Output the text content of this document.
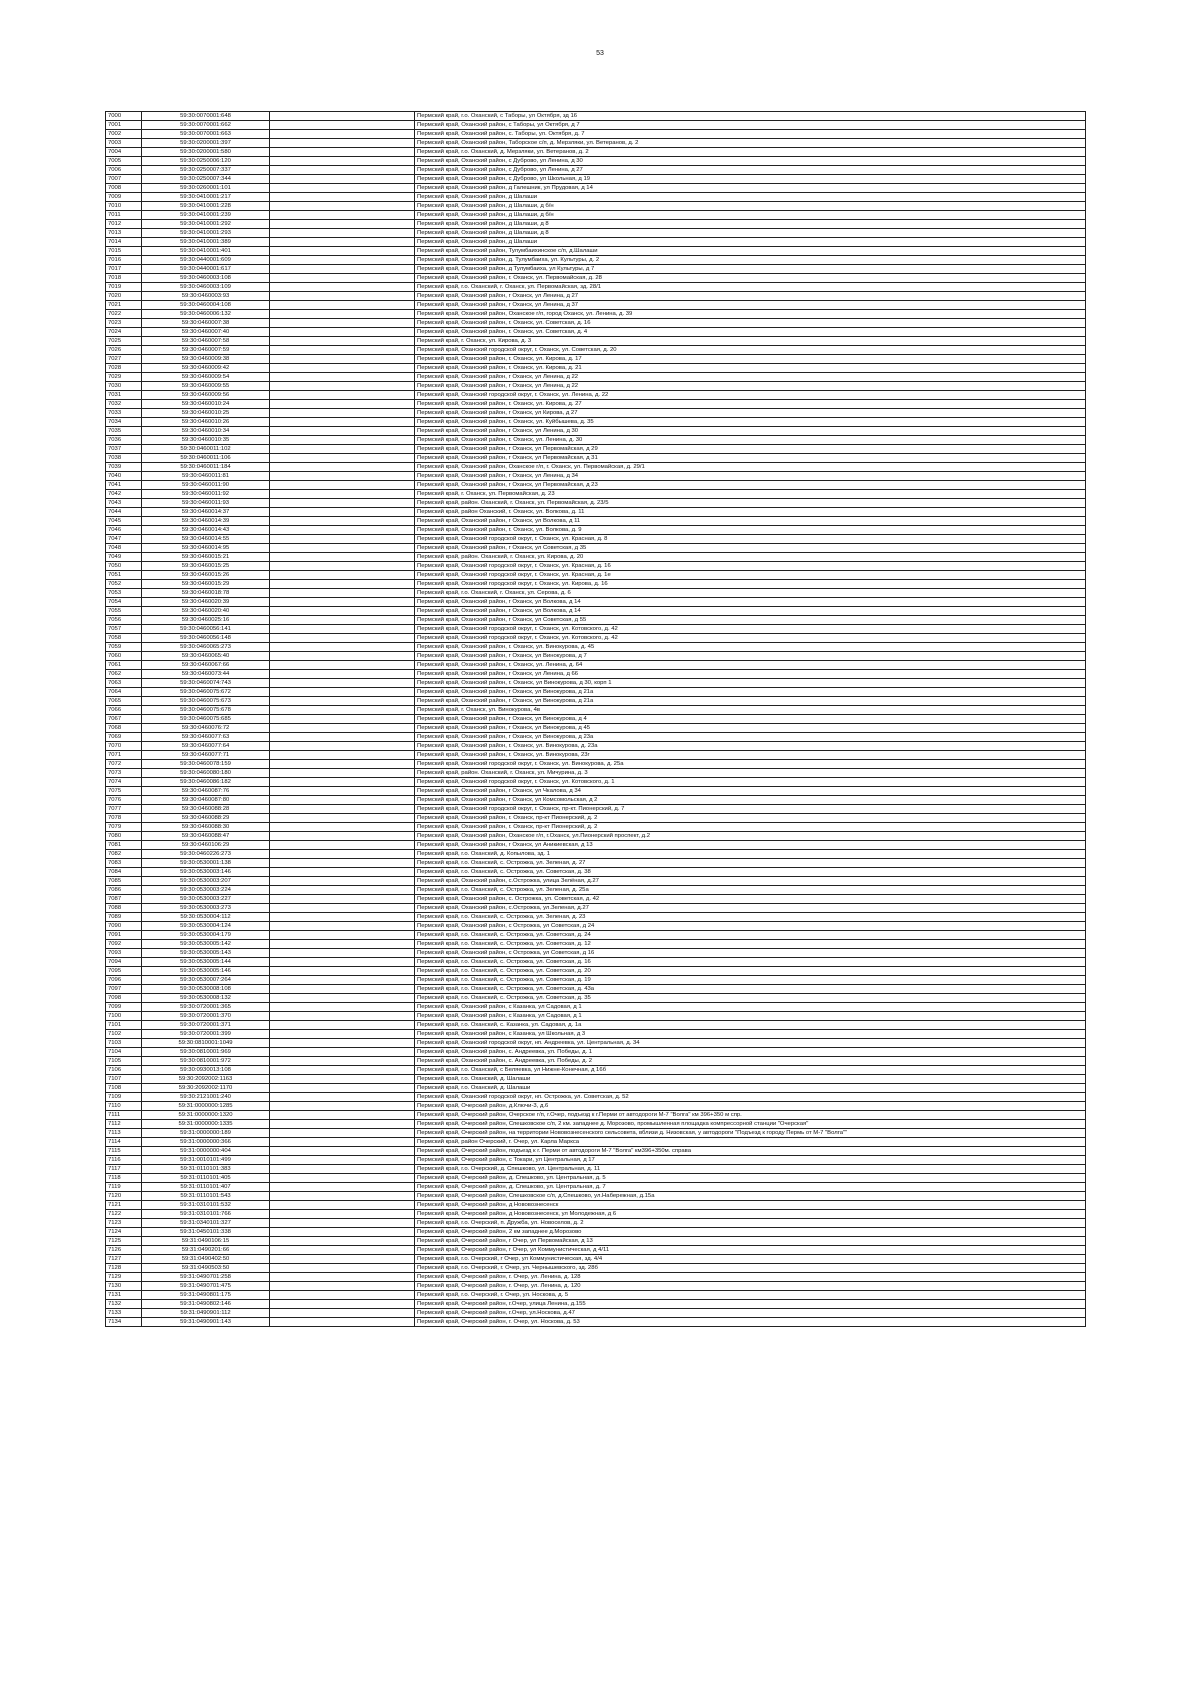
53
7000	59:30:0070001:648		Пермский край, г.о. Оханский, с Таборы, ул Октября, зд 16
7001	59:30:0070001:662		Пермский край, Оханский район, с Таборы, ул Октября, д 7
7002	59:30:0070001:663		Пермский край, Оханский район, с. Таборы, ул. Октября, д. 7
7003	59:30:0200001:397		Пермский край, Оханский район, Таборское с/п, д. Мерзляки, ул. Ветеранов, д. 2
7004	59:30:0200001:580		Пермский край, г.о. Оханский, д. Мерзляки, ул. Ветеранов, д. 2
7005	59:30:0250006:120		Пермский край, Оханский район, с Дуброво, ул Ленина, д 30
7006	59:30:0250007:337		Пермский край, Оханский район, с Дуброво, ул Ленина, д 27
7007	59:30:0250007:344		Пермский край, Оханский район, с Дуброво, ул Школьная, д 19
7008	59:30:0260001:101		Пермский край, Оханский район, д Галешник, ул Прудовая, д 14
7009	59:30:0410001:217		Пермский край, Оханский район, д Шалаши
7010	59:30:0410001:228		Пермский край, Оханский район, д Шалаши, д б/н
7011	59:30:0410001:239		Пермский край, Оханский район, д Шалаши, д б/н
7012	59:30:0410001:292		Пермский край, Оханский район, д Шалаши, д 8
7013	59:30:0410001:293		Пермский край, Оханский район, д Шалаши, д 8
7014	59:30:0410001:389		Пермский край, Оханский район, д Шалаши
7015	59:30:0410001:401		Пермский край, Оханский район, Тулумбаихинское с/п, д.Шалаши
7016	59:30:0440001:609		Пермский край, Оханский район, д. Тулумбаиха, ул. Культуры, д. 2
7017	59:30:0440001:617		Пермский край, Оханский район, д Тулумбаиха, ул Культуры, д 7
7018	59:30:0460003:108		Пермский край, Оханский район, г. Оханск, ул. Первомайская, д. 28
7019	59:30:0460003:109		Пермский край, г.о. Оханский, г. Оханск, ул. Первомайская, зд. 28/1
7020	59:30:0460003:93		Пермский край, Оханский район, г Оханск, ул Ленина, д 27
7021	59:30:0460004:108		Пермский край, Оханский район, г Оханск, ул Ленина, д 37
7022	59:30:0460006:132		Пермский край, Оханский район, Оханское г/п, город Оханск, ул. Ленина, д. 39
7023	59:30:0460007:38		Пермский край, Оханский район, г. Оханск, ул. Советская, д. 16
7024	59:30:0460007:40		Пермский край, Оханский район, г. Оханск, ул. Советская, д. 4
7025	59:30:0460007:58		Пермский край, г. Оханск, ул. Кирова, д. 3
7026	59:30:0460007:59		Пермский край, Оханский городской округ, г. Оханск, ул. Советская, д. 20
7027	59:30:0460009:38		Пермский край, Оханский район, г. Оханск, ул. Кирова, д. 17
7028	59:30:0460009:42		Пермский край, Оханский район, г. Оханск, ул. Кирова, д. 21
7029	59:30:0460009:54		Пермский край, Оханский район, г Оханск, ул Ленина, д 22
7030	59:30:0460009:55		Пермский край, Оханский район, г Оханск, ул Ленина, д 22
7031	59:30:0460009:56		Пермский край, Оханский городской округ, г. Оханск, ул. Ленина, д. 22
7032	59:30:0460010:24		Пермский край, Оханский район, г. Оханск, ул. Кирова, д. 27
7033	59:30:0460010:25		Пермский край, Оханский район, г Оханск, ул Кирова, д 27
7034	59:30:0460010:26		Пермский край, Оханский район, г. Оханск, ул. Куйбышева, д. 35
7035	59:30:0460010:34		Пермский край, Оханский район, г Оханск, ул Ленина, д 30
7036	59:30:0460010:35		Пермский край, Оханский район, г. Оханск, ул. Ленина, д. 30
7037	59:30:0460011:102		Пермский край, Оханский район, г Оханск, ул Первомайская, д 29
7038	59:30:0460011:106		Пермский край, Оханский район, г Оханск, ул Первомайская, д 31
7039	59:30:0460011:184		Пермский край, Оханский район, Оханское г/п, г. Оханск, ул. Первомайская, д. 29/1
7040	59:30:0460011:81		Пермский край, Оханский район, г Оханск, ул Ленина, д 34
7041	59:30:0460011:90		Пермский край, Оханский район, г Оханск, ул Первомайская, д 23
7042	59:30:0460011:92		Пермский край, г. Оханск, ул. Первомайская, д. 23
7043	59:30:0460011:93		Пермский край, район. Оханский, г. Оханск, ул. Первомайская, д. 23/5
7044	59:30:0460014:37		Пермский край, район Оханский, г. Оханск, ул. Волкова, д. 11
7045	59:30:0460014:39		Пермский край, Оханский район, г Оханск, ул Волкова, д 11
7046	59:30:0460014:43		Пермский край, Оханский район, г. Оханск, ул. Волкова, д. 9
7047	59:30:0460014:55		Пермский край, Оханский городской округ, г. Оханск, ул. Красная, д. 8
7048	59:30:0460014:95		Пермский край, Оханский район, г Оханск, ул Советская, д 35
7049	59:30:0460015:21		Пермский край, район. Оханский, г. Оханск, ул. Кирова, д. 20
7050	59:30:0460015:25		Пермский край, Оханский городской округ, г. Оханск, ул. Красная, д. 16
7051	59:30:0460015:26		Пермский край, Оханский городской округ, г. Оханск, ул. Красная, д. 1е
7052	59:30:0460015:29		Пермский край, Оханский городской округ, г. Оханск, ул. Кирова, д. 16
7053	59:30:0460018:78		Пермский край, г.о. Оханский, г. Оханск, ул. Серова, д. 6
7054	59:30:0460020:39		Пермский край, Оханский район, г Оханск, ул Волкова, д 14
7055	59:30:0460020:40		Пермский край, Оханский район, г Оханск, ул Волкова, д 14
7056	59:30:0460025:16		Пермский край, Оханский район, г Оханск, ул Советская, д 55
7057	59:30:0460056:141		Пермский край, Оханский городской округ, г. Оханск, ул. Котовского, д. 42
7058	59:30:0460056:148		Пермский край, Оханский городской округ, г. Оханск, ул. Котовского, д. 42
7059	59:30:0460065:273		Пермский край, Оханский район, г. Оханск, ул. Винокурова, д. 45
7060	59:30:0460065:40		Пермский край, Оханский район, г Оханск, ул Винокурова, д 7
7061	59:30:0460067:66		Пермский край, Оханский район, г. Оханск, ул. Ленина, д. 64
7062	59:30:0460073:44		Пермский край, Оханский район, г Оханск, ул Ленина, д 66
7063	59:30:0460074:743		Пермский край, Оханский район, г. Оханск, ул Винокурова, д 30, корп 1
7064	59:30:0460075:672		Пермский край, Оханский район, г Оханск, ул Винокурова, д 21а
7065	59:30:0460075:673		Пермский край, Оханский район, г Оханск, ул Винокурова, д 21а
7066	59:30:0460075:678		Пермский край, г. Оханск, ул. Винокурова, 4в
7067	59:30:0460075:685		Пермский край, Оханский район, г Оханск, ул Винокурова, д 4
7068	59:30:0460076:72		Пермский край, Оханский район, г Оханск, ул Винокурова, д 45
7069	59:30:0460077:63		Пермский край, Оханский район, г Оханск, ул Винокурова, д 23а
7070	59:30:0460077:64		Пермский край, Оханский район, г. Оханск, ул. Винокурова, д. 23а
7071	59:30:0460077:71		Пермский край, Оханский район, г. Оханск, ул. Винокурова, 23г
7072	59:30:0460078:159		Пермский край, Оханский городской округ, г. Оханск, ул. Винокурова, д. 25а
7073	59:30:0460080:180		Пермский край, район. Оханский, г. Оханск, ул. Мичурина, д. 3
7074	59:30:0460086:182		Пермский край, Оханский городской округ, г. Оханск, ул. Котовского, д. 1
7075	59:30:0460087:76		Пермский край, Оханский район, г Оханск, ул Чкалова, д 34
7076	59:30:0460087:80		Пермский край, Оханский район, г Оханск, ул Комсомольская, д 2
7077	59:30:0460088:28		Пермский край, Оханский городской округ, г. Оханск, пр-кт. Пионерский, д. 7
7078	59:30:0460088:29		Пермский край, Оханский район, г. Оханск, пр-кт Пионерский, д. 2
7079	59:30:0460088:30		Пермский край, Оханский район, г. Оханск, пр-кт Пионерский, д. 2
7080	59:30:0460088:47		Пермский край, Оханский район, Оханское г/п, г.Оханск, ул.Пионерский проспект, д.2
7081	59:30:0460106:29		Пермский край, Оханский район, г Оханск, ул Аникиевская, д 13
7082	59:30:0460226:273		Пермский край, г.о. Оханский, д. Копылова, зд. 1
7083	59:30:0530001:138		Пермский край, г.о. Оханский, с. Острожка, ул. Зеленая, д. 27
7084	59:30:0530003:146		Пермский край, г.о. Оханский, с. Острожка, ул. Советская, д. 38
7085	59:30:0530003:207		Пермский край, Оханский район, с.Острожка, улица Зелёная, д.27
7086	59:30:0530003:224		Пермский край, г.о. Оханский, с. Острожка, ул. Зеленая, д. 25а
7087	59:30:0530003:227		Пермский край, Оханский район, с. Острожка, ул. Советская, д. 42
7088	59:30:0530003:273		Пермский край, Оханский район, с.Острожка, ул.Зеленая, д.27
7089	59:30:0530004:112		Пермский край, г.о. Оханский, с. Острожка, ул. Зеленая, д. 23
7090	59:30:0530004:124		Пермский край, Оханский район, с Острожка, ул Советская, д 24
7091	59:30:0530004:179		Пермский край, г.о. Оханский, с. Острожка, ул. Советская, д. 24
7092	59:30:0530005:142		Пермский край, г.о. Оханский, с. Острожка, ул. Советская, д. 12
7093	59:30:0530005:143		Пермский край, Оханский район, с Острожка, ул Советская, д 16
7094	59:30:0530005:144		Пермский край, г.о. Оханский, с. Острожка, ул. Советская, д. 16
7095	59:30:0530005:146		Пермский край, г.о. Оханский, с. Острожка, ул. Советская, д. 20
7096	59:30:0530007:264		Пермский край, г.о. Оханский, с. Острожка, ул. Советская, д. 19
7097	59:30:0530008:108		Пермский край, г.о. Оханский, с. Острожка, ул. Советская, д. 43а
7098	59:30:0530008:132		Пермский край, г.о. Оханский, с. Острожка, ул. Советская, д. 35
7099	59:30:0720001:365		Пермский край, Оханский район, с Казанка, ул Садовая, д 1
7100	59:30:0720001:370		Пермский край, Оханский район, с Казанка, ул Садовая, д 1
7101	59:30:0720001:371		Пермский край, г.о. Оханский, с. Казанка, ул. Садовая, д. 1а
7102	59:30:0720001:399		Пермский край, Оханский район, с Казанка, ул Школьная, д 3
7103	59:30:0810001:1049		Пермский край, Оханский городской округ, нп. Андреевка, ул. Центральная, д. 34
7104	59:30:0810001:969		Пермский край, Оханский район, с. Андреевка, ул. Победы, д. 1
7105	59:30:0810001:972		Пермский край, Оханский район, с. Андреевка, ул. Победы, д. 2
7106	59:30:0930013:108		Пермский край, г.о. Оханский, с Беляевка, ул Нижне-Конечная, д 16б
7107	59:30:2092002:1163		Пермский край, г.о. Оханский, д. Шалаши
7108	59:30:2092002:1170		Пермский край, г.о. Оханский, д. Шалаши
7109	59:30:2121001:240		Пермский край, Оханский городской округ, нп. Острожка, ул. Советская, д. 52
7110	59:31:0000000:1285		Пермский край, Очерский район, д.Ключи-3, д.6
7111	59:31:0000000:1320		Пермский край, Очерский район, Очерское г/п, г.Очер, подъезд к г.Перми от автодороги М-7 "Волга" км 396+350 м спр.
7112	59:31:0000000:1335		Пермский край, Очерский район, Спешковское с/п, 2 км. западнее д. Морозово, промышленная площадка компрессорной станции "Очерская"
7113	59:31:0000000:189		Пермский край, Очерский район, на территории Нововознесенского сельсовета, вблизи д. Низовская, у автодороги "Подъезд к городу Пермь от М-7 "Волга""
7114	59:31:0000000:366		Пермский край, район Очерский, г. Очер, ул. Карла Маркса
7115	59:31:0000000:404		Пермский край, Очерский район, подъезд к г. Перми от автодороги М-7 "Волга" км396+350м. справа
7116	59:31:0010101:499		Пермский край, Очерский район, с Токари, ул Центральная, д 17
7117	59:31:0110101:383		Пермский край, г.о. Очерский, д. Спешково, ул. Центральная, д. 11
7118	59:31:0110101:405		Пермский край, Очерский район, д. Спешково, ул. Центральная, д. 5
7119	59:31:0110101:407		Пермский край, Очерский район, д. Спешково, ул. Центральная, д. 7
7120	59:31:0110101:543		Пермский край, Очерский район, Спешковское с/п, д.Спешково, ул.Набережная, д.15а
7121	59:31:0310101:532		Пермский край, Очерский район, д Нововознесенск
7122	59:31:0310101:766		Пермский край, Очерский район, д Нововознесенск, ул Молодежная, д 6
7123	59:31:0340101:327		Пермский край, г.о. Очерский, п. Дружба, ул. Новоселов, д. 2
7124	59:31:0450101:338		Пермский край, Очерский район, 2 км западнее д.Морозово
7125	59:31:0490106:15		Пермский край, Очерский район, г Очер, ул Первомайская, д 13
7126	59:31:0490201:66		Пермский край, Очерский район, г Очер, ул Коммунистическая, д 4/11
7127	59:31:0490402:50		Пермский край, г.о. Очерский, г Очер, ул Коммунистическая, зд. 4/4
7128	59:31:0490503:50		Пермский край, г.о. Очерский, г. Очер, ул. Чернышевского, зд. 28б
7129	59:31:0490701:258		Пермский край, Очерский район, г. Очер, ул. Ленина, д. 128
7130	59:31:0490701:475		Пермский край, Очерский район, г. Очер, ул. Ленина, д. 120
7131	59:31:0490801:175		Пермский край, г.о. Очерский, г. Очер, ул. Носкова, д. 5
7132	59:31:0490802:146		Пермский край, Очерский район, г.Очер, улица Ленина, д.155
7133	59:31:0490901:112		Пермский край, Очерский район, г.Очер, ул.Носкова, д.47
7134	59:31:0490901:143		Пермский край, Очерский район, г. Очер, ул. Носкова, д. 53
